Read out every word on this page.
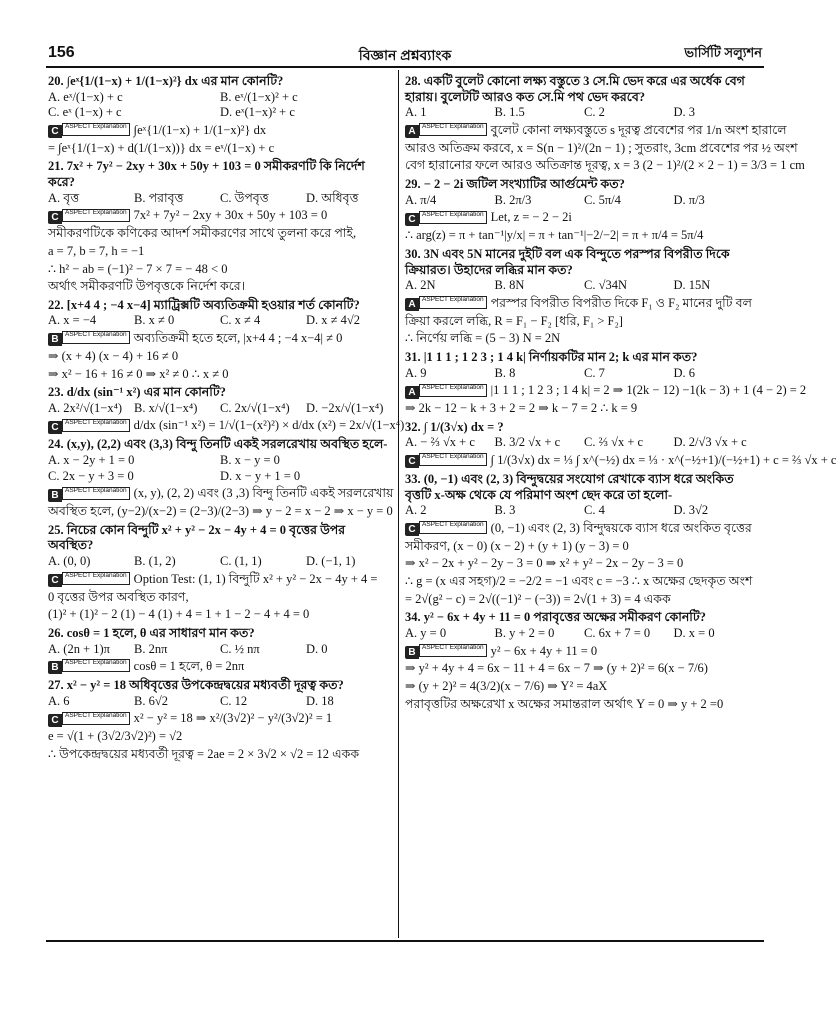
156	বিজ্ঞান প্রশ্নব্যাংক	ভার্সিটি সল্যুশন
20. ∫eˣ{1/(1−x) + 1/(1−x)²} dx এর মান কোনটি?
A. eˣ/(1−x) + c	B. eˣ/(1−x)² + c
C. eˣ (1−x) + c	D. eˣ(1−x)² + c
C ASPECT Explanation ∫eˣ{1/(1−x) + 1/(1−x)²} dx
= ∫eˣ{1/(1−x) + d(1/(1−x))} dx = eˣ/(1−x) + c
21. 7x² + 7y² − 2xy + 30x + 50y + 103 = 0 সমীকরণটি কি নির্দেশ করে?
A. বৃত্ত	B. পরাবৃত্ত	C. উপবৃত্ত	D. অধিবৃত্ত
C ASPECT Explanation 7x² + 7y² − 2xy + 30x + 50y + 103 = 0
সমীকরণটিকে কণিকের আদর্শ সমীকরণের সাথে তুলনা করে পাই,
a = 7, b = 7, h = −1
∴ h² − ab = (−1)² − 7 × 7 = − 48 < 0
অর্থাৎ সমীকরণটি উপবৃত্তকে নির্দেশ করে।
22. [x+4 4 ; −4 x−4] ম্যাট্রিক্সটি অব্যতিক্রমী হওয়ার শর্ত কোনটি?
A. x = −4	B. x ≠ 0	C. x ≠ 4	D. x ≠ 4√2
B ASPECT Explanation অব্যতিক্রমী হতে হলে, |x+4 4 ; −4 x−4| ≠ 0
⇒ (x + 4) (x − 4) + 16 ≠ 0
⇒ x² − 16 + 16 ≠ 0 ⇒ x² ≠ 0 ∴ x ≠ 0
23. d/dx (sin⁻¹ x²) এর মান কোনটি?
A. 2x²/√(1−x⁴) B. x/√(1−x⁴)	C. 2x/√(1−x⁴)	D. −2x/√(1−x⁴)
C ASPECT Explanation d/dx (sin⁻¹ x²) = 1/√(1−(x²)²) × d/dx (x²) = 2x/√(1−x⁴)
24. (x,y), (2,2) এবং (3,3) বিন্দু তিনটি একই সরলরেখায় অবস্থিত হলে-
A. x − 2y + 1 = 0	B. x − y = 0
C. 2x − y + 3 = 0	D. x − y + 1 = 0
B ASPECT Explanation (x, y), (2, 2) এবং (3 ,3) বিন্দু তিনটি একই সরলরেখায়
অবস্থিত হলে, (y−2)/(x−2) = (2−3)/(2−3) ⇒ y − 2 = x − 2 ⇒ x − y = 0
25. নিচের কোন বিন্দুটি x² + y² − 2x − 4y + 4 = 0 বৃত্তের উপর অবস্থিত?
A. (0, 0)	B. (1, 2)	C. (1, 1)	D. (−1, 1)
C ASPECT Explanation Option Test: (1, 1) বিন্দুটি x² + y² − 2x − 4y + 4 =
0 বৃত্তের উপর অবস্থিত কারণ,
(1)² + (1)² − 2 (1) − 4 (1) + 4 = 1 + 1 − 2 − 4 + 4 = 0
26. cosθ = 1 হলে, θ এর সাধারণ মান কত?
A. (2n + 1)π	B. 2nπ	C. ½ nπ	D. 0
B ASPECT Explanation cosθ = 1 হলে, θ = 2nπ
27. x² − y² = 18 অধিবৃত্তের উপকেন্দ্রদ্বয়ের মধ্যবর্তী দূরত্ব কত?
A. 6	B. 6√2	C. 12	D. 18
C ASPECT Explanation x² − y² = 18 ⇒ x²/(3√2)² − y²/(3√2)² = 1
e = √(1 + (3√2/3√2)²) = √2
∴ উপকেন্দ্রদ্বয়ের মধ্যবর্তী দূরত্ব = 2ae = 2 × 3√2 × √2 = 12 একক
28. একটি বুলেট কোনো লক্ষ্য বস্তুতে 3 সে.মি ভেদ করে এর অর্ধেক বেগ হারায়। বুলেটটি আরও কত সে.মি পথ ভেদ করবে?
A. 1	B. 1.5	C. 2	D. 3
A ASPECT Explanation বুলেট কোনা লক্ষ্যবস্তুতে s দূরত্ব প্রবেশের পর 1/n অংশ হারালে
আরও অতিক্রম করবে, x = S(n − 1)²/(2n − 1) ; সুতরাং, 3cm প্রবেশের পর ½ অংশ
বেগ হারানোর ফলে আরও অতিক্রান্ত দূরত্ব, x = 3 (2 − 1)²/(2 × 2 − 1) = 3/3 = 1 cm
29. − 2 − 2i জটিল সংখ্যাটির আর্গুমেন্ট কত?
A. π/4	B. 2π/3	C. 5π/4	D. π/3
C ASPECT Explanation Let, z = − 2 − 2i
∴ arg(z) = π + tan⁻¹|y/x| = π + tan⁻¹|−2/−2| = π + π/4 = 5π/4
30. 3N এবং 5N মানের দুইটি বল এক বিন্দুতে পরস্পর বিপরীত দিকে ক্রিয়ারত। উহাদের লব্ধির মান কত?
A. 2N	B. 8N	C. √34N	D. 15N
A ASPECT Explanation পরস্পর বিপরীত বিপরীত দিকে F₁ ও F₂ মানের দুটি বল
ক্রিয়া করলে লব্ধি, R = F₁ − F₂ [ধরি, F₁ > F₂]
∴ নির্ণেয় লব্ধি = (5 − 3) N = 2N
31. |1 1 1 ; 1 2 3 ; 1 4 k| নির্ণায়কটির মান 2; k এর মান কত?
A. 9	B. 8	C. 7	D. 6
A ASPECT Explanation |1 1 1 ; 1 2 3 ; 1 4 k| = 2 ⇒ 1(2k − 12) −1(k − 3) + 1 (4 − 2) = 2
⇒ 2k − 12 − k + 3 + 2 = 2 ⇒ k − 7 = 2 ∴ k = 9
32. ∫ 1/(3√x) dx = ?
A. − ⅔ √x + c	B. 3/2 √x + c	C. ⅔ √x + c	D. 2/√3 √x + c
C ASPECT Explanation ∫ 1/(3√x) dx = ⅓ ∫ x^(−½) dx = ⅓ · x^(−½+1)/(−½+1) + c = ⅔ √x + c
33. (0, −1) এবং (2, 3) বিন্দুদ্বয়ের সংযোগ রেখাকে ব্যাস ধরে অংকিত বৃত্তটি x-অক্ষ থেকে যে পরিমাণ অংশ ছেদ করে তা হলো-
A. 2	B. 3	C. 4	D. 3√2
C ASPECT Explanation (0, −1) এবং (2, 3) বিন্দুদ্বয়কে ব্যাস ধরে অংকিত বৃত্তের
সমীকরণ, (x − 0) (x − 2) + (y + 1) (y − 3) = 0
⇒ x² − 2x + y² − 2y − 3 = 0 ⇒ x² + y² − 2x − 2y − 3 = 0
∴ g = (x এর সহগ)/2 = −2/2 = −1 এবং c = −3 ∴ x অক্ষের ছেদকৃত অংশ
= 2√(g² − c) = 2√((−1)² − (−3)) = 2√(1 + 3) = 4 একক
34. y² − 6x + 4y + 11 = 0 পরাবৃত্তের অক্ষের সমীকরণ কোনটি?
A. y = 0	B. y + 2 = 0	C. 6x + 7 = 0	D. x = 0
B ASPECT Explanation y² − 6x + 4y + 11 = 0
⇒ y² + 4y + 4 = 6x − 11 + 4 = 6x − 7 ⇒ (y + 2)² = 6(x − 7/6)
⇒ (y + 2)² = 4(3/2)(x − 7/6) ⇒ Y² = 4aX
পরাবৃত্তটির অক্ষরেখা x অক্ষের সমান্তরাল অর্থাৎ Y = 0 ⇒ y + 2 =0
